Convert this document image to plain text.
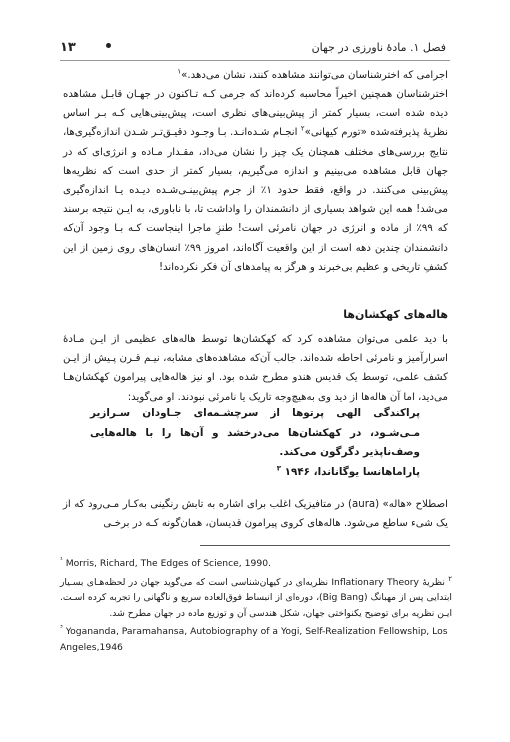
۱۳	فصل ۱. مادهٔ ناورزی در جهان
اجرامی که اخترشناسان می‌توانند مشاهده کنند، نشان می‌دهد.»$^۱$
اخترشناسان همچنین اخیراً محاسبه کرده‌اند که جرمی کـه تـاکنون در جهـان قابـل مشاهده دیده شده است، بسیار کمتر از پیش‌بینی‌های نظری است، پیش‌بینی‌هایی کـه بـر اساس نظریهٔ پذیرفته‌شده «تورم کیهانی»$^۲$ انجـام شـده‌انـد. بـا وجـود دقیـق‌تـر شـدن اندازه‌گیری‌ها، نتایج بررسی‌های مختلف همچنان یک چیز را نشان می‌داد، مقـدار مـاده و انرژی‌ای که در جهان قابل مشاهده می‌بینیم و اندازه می‌گیریم، بسیار کمتر از حدی است که نظریه‌ها پیش‌بینی می‌کنند. در واقع، فقط حدود ۱٪ از جرم پیش‌بینـی‌شـده دیـده یـا اندازه‌گیری می‌شد! همه این شواهد بسیاری از دانشمندان را واداشت تا، با ناباوری، به ایـن نتیجه برسند که ۹۹٪ از ماده و انرژی در جهان نامرئی است! طنزِ ماجرا اینجاست کـه بـا وجود آن‌که دانشمندان چندین دهه است از این واقعیت آگاه‌اند، امروز ۹۹٪ انسان‌های روی زمین از این کشفِ تاریخی و عظیم بی‌خبرند و هرگز به پیامدهای آن فکر نکرده‌اند!
هاله‌های کهکشان‌ها
با دید علمی می‌توان مشاهده کرد که کهکشان‌ها توسط هاله‌های عظیمی از ایـن مـادهٔ اسرارآمیز و نامرئی احاطه شده‌اند. جالب آن‌که مشاهده‌های مشابه، نیـم قـرن پـیش از ایـن کشف علمی، توسط یک قدیس هندو مطرح شده بود. او نیز هاله‌هایی پیرامون کهکشان‌هـا می‌دید، اما آن هاله‌ها از دید وی به‌هیچ‌وجه تاریک یا نامرئی نبودند. او می‌گوید:
پراکندگی الهی پرتوها از سرچشـمه‌ای جـاودان سـرازیر مـی‌شـود، در کهکشان‌ها می‌درخشد و آن‌ها را با هاله‌هایی وصف‌ناپذیر دگرگون می‌کند.
پاراماهانسا یوگاناندا، ۱۹۴۶ $^۳$
اصطلاح «هاله» (aura) در متافیزیک اغلب برای اشاره به تابش رنگینی به‌کـار مـی‌رود که از یک شیء ساطع می‌شود. هاله‌های کروی پیرامون قدیسان، همان‌گونه کـه در برخـی
$^{^1}$ Morris, Richard, The Edges of Science, 1990.
$^۲$ نظریهٔ Inflationary Theory نظریه‌ای در کیهان‌شناسی است که می‌گوید جهان در لحظه‌هـای بسـیار ابتدایی پس از مهبانگ (Big Bang)، دوره‌ای از انبساط فوق‌العاده سریع و ناگهانی را تجربه کرده اسـت. ایـن نظریه برای توضیح یکنواختی جهان، شکل هندسی آن و توزیع ماده در جهان مطرح شد.
$^{^3}$ Yogananda, Paramahansa, Autobiography of a Yogi, Self-Realization Fellowship, Los Angeles,1946
